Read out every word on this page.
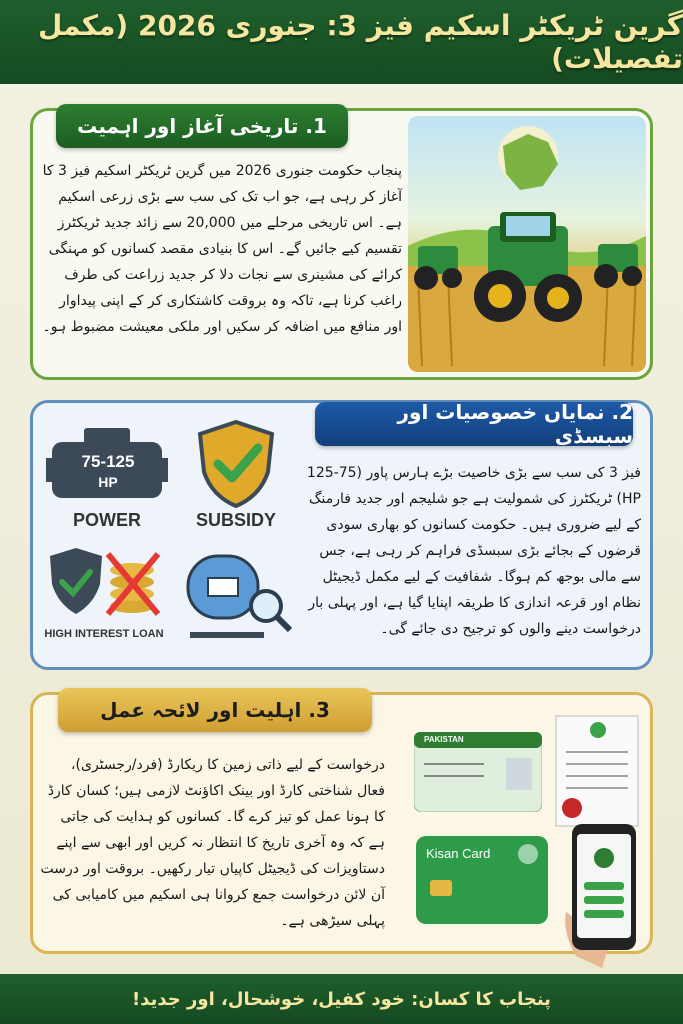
گرین ٹریکٹر اسکیم فیز 3: جنوری 2026 (مکمل تفصیلات)
1. تاریخی آغاز اور اہمیت
پنجاب حکومت جنوری 2026 میں گرین ٹریکٹر اسکیم فیز 3 کا آغاز کر رہی ہے، جو اب تک کی سب سے بڑی زرعی اسکیم ہے۔ اس تاریخی مرحلے میں 20,000 سے زائد جدید ٹریکٹرز تقسیم کیے جائیں گے۔ اس کا بنیادی مقصد کسانوں کو مہنگی کرائے کی مشینری سے نجات دلا کر جدید زراعت کی طرف راغب کرنا ہے، تاکہ وہ بروقت کاشتکاری کر کے اپنی پیداوار اور منافع میں اضافہ کر سکیں اور ملکی معیشت مضبوط ہو۔
2. نمایاں خصوصیات اور سبسڈی
فیز 3 کی سب سے بڑی خاصیت بڑے ہارس پاور (75-125 HP) ٹریکٹرز کی شمولیت ہے جو شلیجم اور جدید فارمنگ کے لیے ضروری ہیں۔ حکومت کسانوں کو بھاری سودی قرضوں کے بجائے بڑی سبسڈی فراہم کر رہی ہے، جس سے مالی بوجھ کم ہوگا۔ شفافیت کے لیے مکمل ڈیجیٹل نظام اور قرعہ اندازی کا طریقہ اپنایا گیا ہے، اور پہلی بار درخواست دینے والوں کو ترجیح دی جائے گی۔
75-125
HP
POWER	SUBSIDY
HIGH INTEREST LOAN
3. اہلیت اور لائحہ عمل
درخواست کے لیے ذاتی زمین کا ریکارڈ (فرد/رجسٹری)، فعال شناختی کارڈ اور بینک اکاؤنٹ لازمی ہیں؛ کسان کارڈ کا ہونا عمل کو تیز کرے گا۔ کسانوں کو ہدایت کی جاتی ہے کہ وہ آخری تاریخ کا انتظار نہ کریں اور ابھی سے اپنے دستاویزات کی ڈیجیٹل کاپیاں تیار رکھیں۔ بروقت اور درست آن لائن درخواست جمع کروانا ہی اسکیم میں کامیابی کی پہلی سیڑھی ہے۔
PAKISTAN
Kisan Card
پنجاب کا کسان: خود کفیل، خوشحال، اور جدید!
